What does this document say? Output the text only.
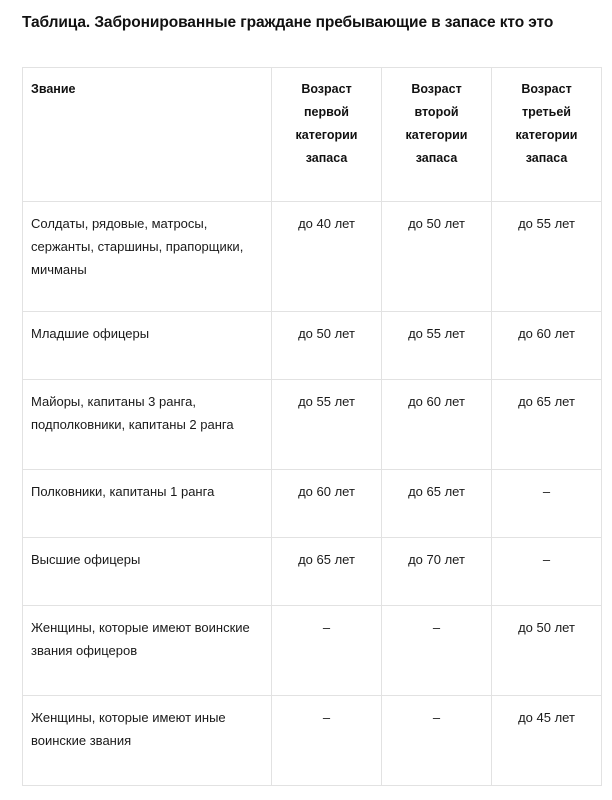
Таблица. Забронированные граждане пребывающие в запасе кто это
Звание	Возраст первой категории запаса	Возраст второй категории запаса	Возраст третьей категории запаса
Солдаты, рядовые, матросы, сержанты, старшины, прапорщики, мичманы	до 40 лет	до 50 лет	до 55 лет
Младшие офицеры	до 50 лет	до 55 лет	до 60 лет
Майоры, капитаны 3 ранга, подполковники, капитаны 2 ранга	до 55 лет	до 60 лет	до 65 лет
Полковники, капитаны 1 ранга	до 60 лет	до 65 лет	–
Высшие офицеры	до 65 лет	до 70 лет	–
Женщины, которые имеют воинские звания офицеров	–	–	до 50 лет
Женщины, которые имеют иные воинские звания	–	–	до 45 лет
